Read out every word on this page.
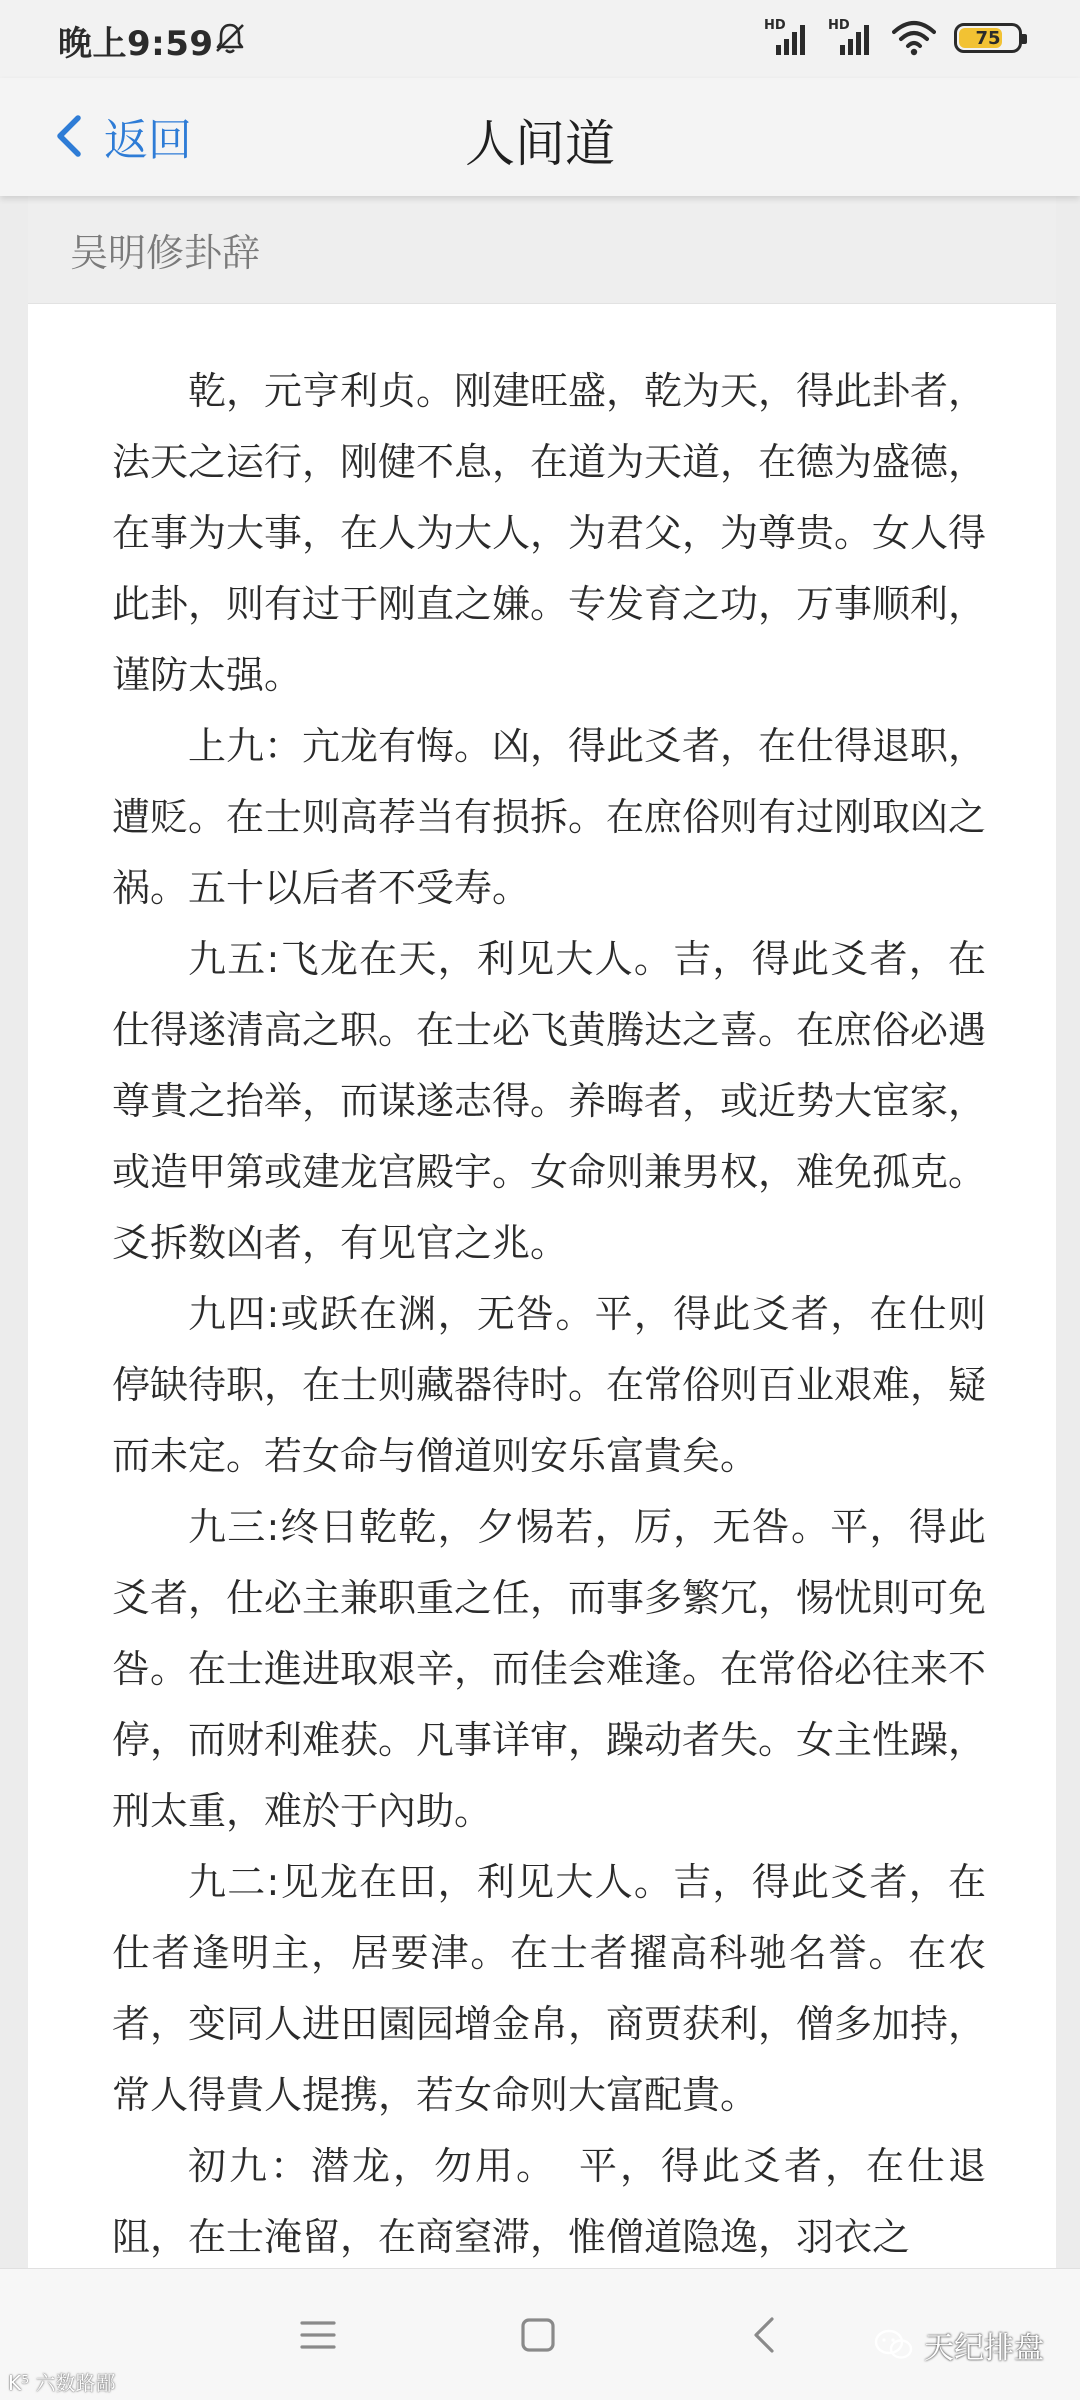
晚上9:59	HD	HD
75
返回	人间道
吴明修卦辞

乾，元亨利贞。刚建旺盛，乾为天，得此卦者，法天之运行，刚健不息，在道为天道，在德为盛德，在事为大事，在人为大人，为君父，为尊贵。女人得此卦，则有过于刚直之嫌。专发育之功，万事顺利，谨防太强。

上九：亢龙有悔。凶，得此爻者，在仕得退职，遭贬。在士则高荐当有损拆。在庶俗则有过刚取凶之祸。五十以后者不受寿。

九五:飞龙在天，利见大人。吉，得此爻者，在仕得遂清高之职。在士必飞黄腾达之喜。在庶俗必遇尊貴之抬举，而谋遂志得。养晦者，或近势大宦家，或造甲第或建龙宫殿宇。女命则兼男权，难免孤克。爻拆数凶者，有见官之兆。

九四:或跃在渊，无咎。平，得此爻者，在仕则停缺待职，在士则藏器待时。在常俗则百业艰难，疑而未定。若女命与僧道则安乐富貴矣。

九三:终日乾乾，夕惕若，厉，无咎。平，得此爻者，仕必主兼职重之任，而事多繁冗，惕忧則可免咎。在士進进取艰辛，而佳会难逢。在常俗必往来不停，而财利难获。凡事详审，躁动者失。女主性躁，刑太重，难於于內助。

九二:见龙在田，利见大人。吉，得此爻者，在仕者逢明主，居要津。在士者擢高科驰名誉。在农者，变同人进田園园增金帛，商贾获利，僧多加持，常人得貴人提携，若女命则大富配貴。

初九：潜龙，勿用。　平，得此爻者，在仕退阻，在士淹留，在商窒滞，惟僧道隐逸，羽衣之

天纪排盘
K⁵ 六数路鄙
